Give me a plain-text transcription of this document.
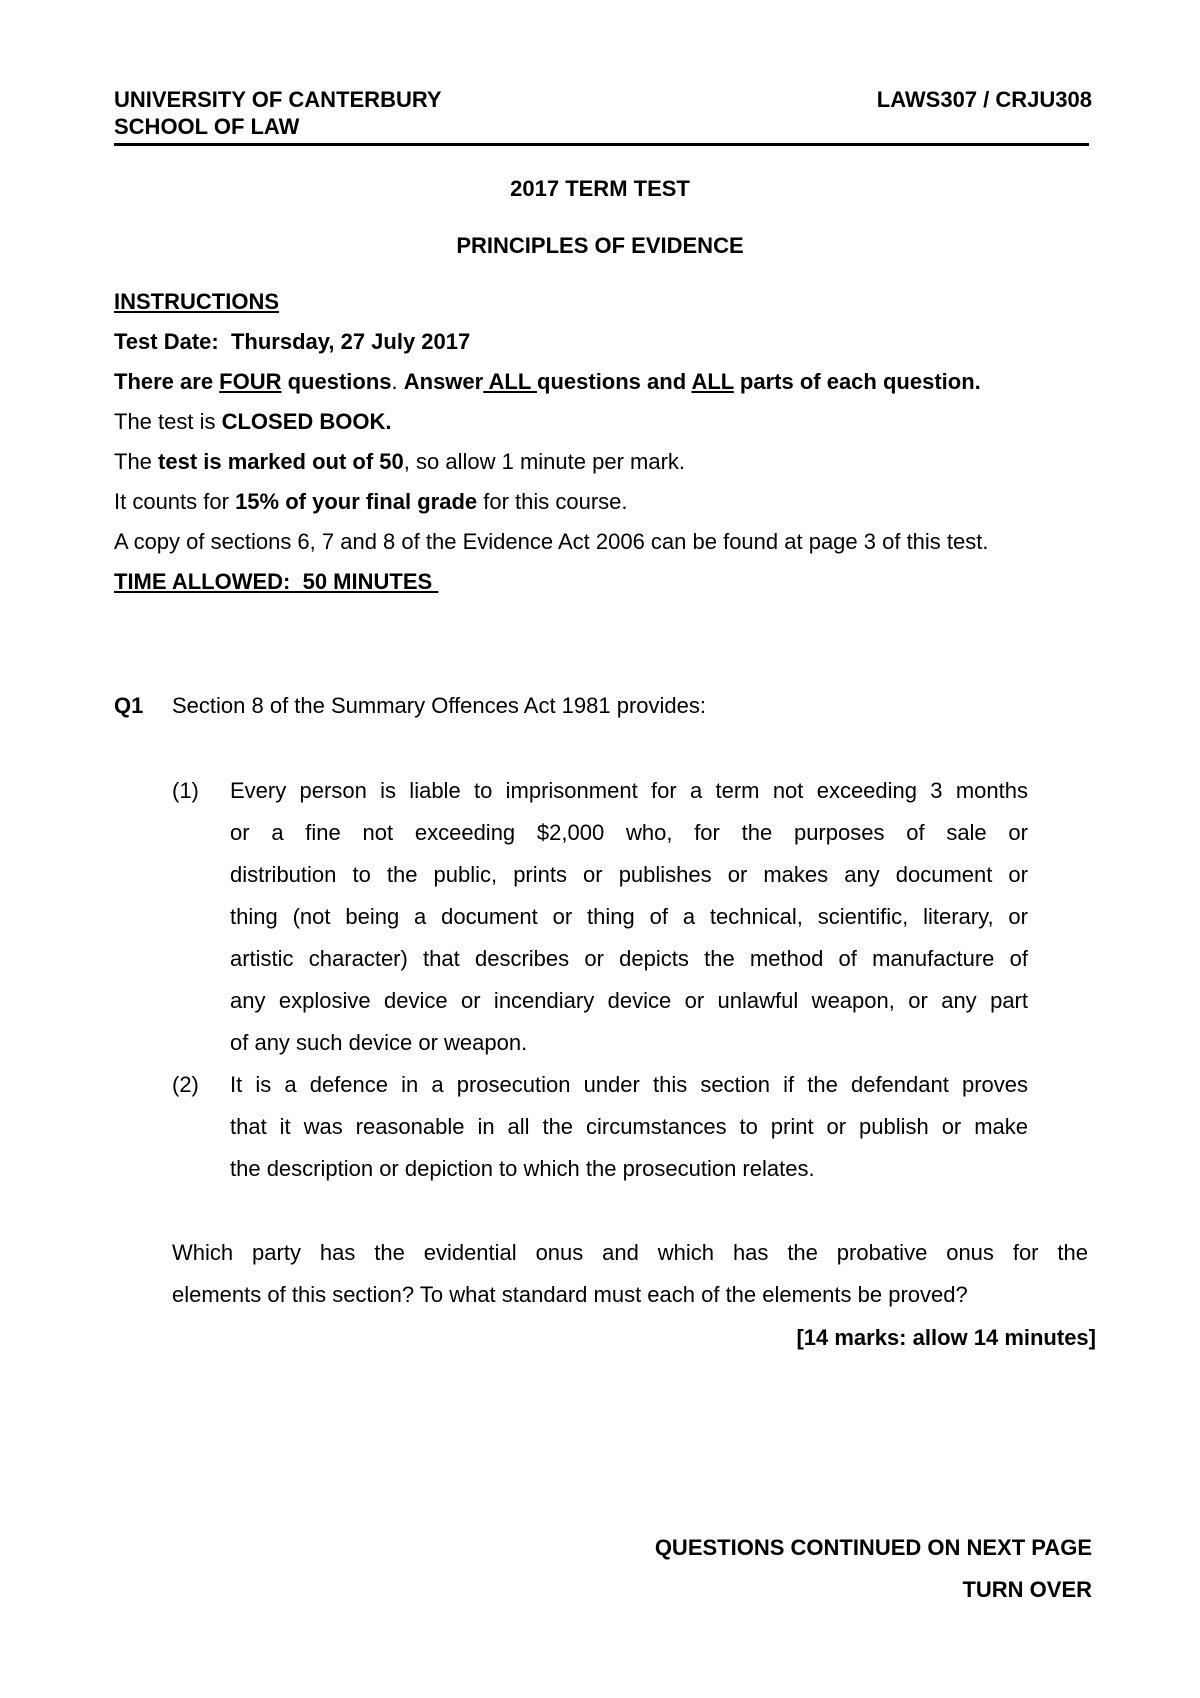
UNIVERSITY OF CANTERBURY
SCHOOL OF LAW
LAWS307 / CRJU308
2017 TERM TEST
PRINCIPLES OF EVIDENCE
INSTRUCTIONS
Test Date: Thursday, 27 July 2017
There are FOUR questions. Answer ALL questions and ALL parts of each question.
The test is CLOSED BOOK.
The test is marked out of 50, so allow 1 minute per mark.
It counts for 15% of your final grade for this course.
A copy of sections 6, 7 and 8 of the Evidence Act 2006 can be found at page 3 of this test.
TIME ALLOWED:  50 MINUTES
Q1 Section 8 of the Summary Offences Act 1981 provides:
(1) Every person is liable to imprisonment for a term not exceeding 3 months
or a fine not exceeding $2,000 who, for the purposes of sale or
distribution to the public, prints or publishes or makes any document or
thing (not being a document or thing of a technical, scientific, literary, or
artistic character) that describes or depicts the method of manufacture of
any explosive device or incendiary device or unlawful weapon, or any part
of any such device or weapon.
(2) It is a defence in a prosecution under this section if the defendant proves
that it was reasonable in all the circumstances to print or publish or make
the description or depiction to which the prosecution relates.
Which party has the evidential onus and which has the probative onus for the
elements of this section? To what standard must each of the elements be proved?
[14 marks: allow 14 minutes]
QUESTIONS CONTINUED ON NEXT PAGE
TURN OVER
